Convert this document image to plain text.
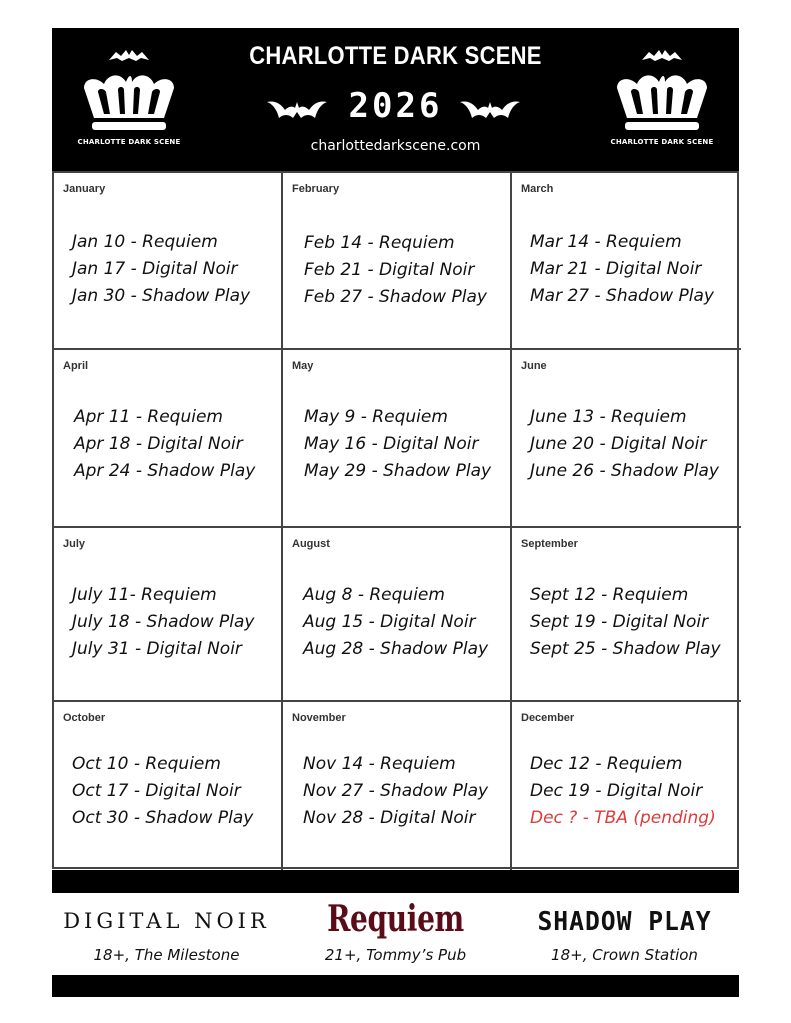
CHARLOTTE DARK SCENE
CHARLOTTE DARK SCENE
2026
charlottedarkscene.com	CHARLOTTE DARK SCENE
January
Jan 10 - Requiem
Jan 17 - Digital Noir
Jan 30 - Shadow Play
February
Feb 14 - Requiem
Feb 21 - Digital Noir
Feb 27 - Shadow Play
March
Mar 14 - Requiem
Mar 21 - Digital Noir
Mar 27 - Shadow Play
April
Apr 11 - Requiem
Apr 18 - Digital Noir
Apr 24 - Shadow Play
May
May 9 - Requiem
May 16 - Digital Noir
May 29 - Shadow Play
June
June 13 - Requiem
June 20 - Digital Noir
June 26 - Shadow Play
July
July 11- Requiem
July 18 - Shadow Play
July 31 - Digital Noir
August
Aug 8 - Requiem
Aug 15 - Digital Noir
Aug 28 - Shadow Play
September
Sept 12 - Requiem
Sept 19 - Digital Noir
Sept 25 - Shadow Play
October
Oct 10 - Requiem
Oct 17 - Digital Noir
Oct 30 - Shadow Play
November
Nov 14 - Requiem
Nov 27 - Shadow Play
Nov 28 - Digital Noir
December
Dec 12 - Requiem
Dec 19 - Digital Noir
Dec ? - TBA (pending)
DIGITAL NOIR
18+, The Milestone
Requiem
21+, Tommy’s Pub
SHADOW PLAY
18+, Crown Station
